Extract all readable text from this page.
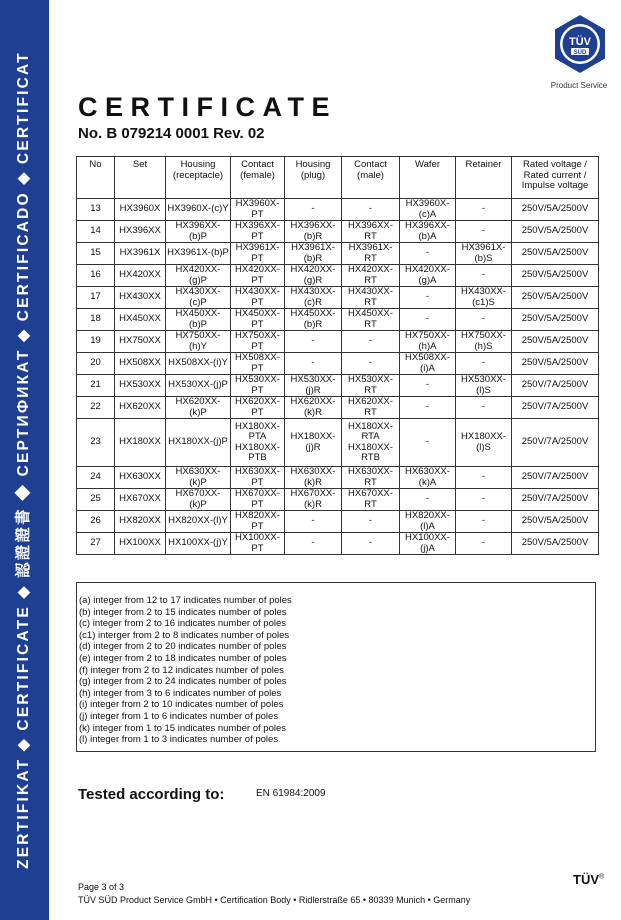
ZERTIFIKAT ◆ CERTIFICATE ◆ 認證證書 ◆ СЕРТИФИКАТ ◆ CERTIFICADO ◆ CERTIFICAT
TÜV
SÜD
Product Service
CERTIFICATE
No. B 079214 0001 Rev. 02
No	Set	Housing (receptacle)	Contact (female)	Housing (plug)	Contact (male)	Wafer	Retainer	Rated voltage / Rated current / Impulse voltage
13	HX3960X	HX3960X-(c)Y	HX3960X-PT	-	-	HX3960X-(c)A	-	250V/5A/2500V
14	HX396XX	HX396XX-(b)P	HX396XX-PT	HX396XX-(b)R	HX396XX-RT	HX396XX-(b)A	-	250V/5A/2500V
15	HX3961X	HX3961X-(b)P	HX3961X-PT	HX3961X-(b)R	HX3961X-RT	-	HX3961X-(b)S	250V/5A/2500V
16	HX420XX	HX420XX-(g)P	HX420XX-PT	HX420XX-(g)R	HX420XX-RT	HX420XX-(g)A	-	250V/5A/2500V
17	HX430XX	HX430XX-(c)P	HX430XX-PT	HX430XX-(c)R	HX430XX-RT	-	HX430XX-(c1)S	250V/5A/2500V
18	HX450XX	HX450XX-(b)P	HX450XX-PT	HX450XX-(b)R	HX450XX-RT	-	-	250V/5A/2500V
19	HX750XX	HX750XX-(h)Y	HX750XX-PT	-	-	HX750XX-(h)A	HX750XX-(h)S	250V/5A/2500V
20	HX508XX	HX508XX-(i)Y	HX508XX-PT	-	-	HX508XX-(i)A	-	250V/5A/2500V
21	HX530XX	HX530XX-(j)P	HX530XX-PT	HX530XX-(j)R	HX530XX-RT	-	HX530XX-(l)S	250V/7A/2500V
22	HX620XX	HX620XX-(k)P	HX620XX-PT	HX620XX-(k)R	HX620XX-RT	-	-	250V/7A/2500V
23	HX180XX	HX180XX-(j)P	HX180XX-PTA HX180XX-PTB	HX180XX-(j)R	HX180XX-RTA HX180XX-RTB	-	HX180XX-(l)S	250V/7A/2500V
24	HX630XX	HX630XX-(k)P	HX630XX-PT	HX630XX-(k)R	HX630XX-RT	HX630XX-(k)A	-	250V/7A/2500V
25	HX670XX	HX670XX-(k)P	HX670XX-PT	HX670XX-(k)R	HX670XX-RT	-	-	250V/7A/2500V
26	HX820XX	HX820XX-(l)Y	HX820XX-PT	-	-	HX820XX-(l)A	-	250V/5A/2500V
27	HX100XX	HX100XX-(j)Y	HX100XX-PT	-	-	HX100XX-(j)A	-	250V/5A/2500V
(a) integer from 12 to 17 indicates number of poles
(b) integer from 2 to 15 indicates number of poles
(c) integer from 2 to 16 indicates number of poles
(c1) interger from 2 to 8 indicates number of poles
(d) integer from 2 to 20 indicates number of poles
(e) integer from 2 to 18 indicates number of poles
(f) integer from 2 to 12 indicates number of poles
(g) integer from 2 to 24 indicates number of poles
(h) integer from 3 to 6 indicates number of poles
(i) integer from 2 to 10 indicates number of poles
(j) integer from 1 to 6 indicates number of poles
(k) integer from 1 to 15 indicates number of poles
(l) integer from 1 to 3 indicates number of poles
Tested according to:	EN 61984:2009
Page 3 of 3
TÜV SÜD Product Service GmbH • Certification Body • Ridlerstraße 65 • 80339 Munich • Germany
TÜV®
